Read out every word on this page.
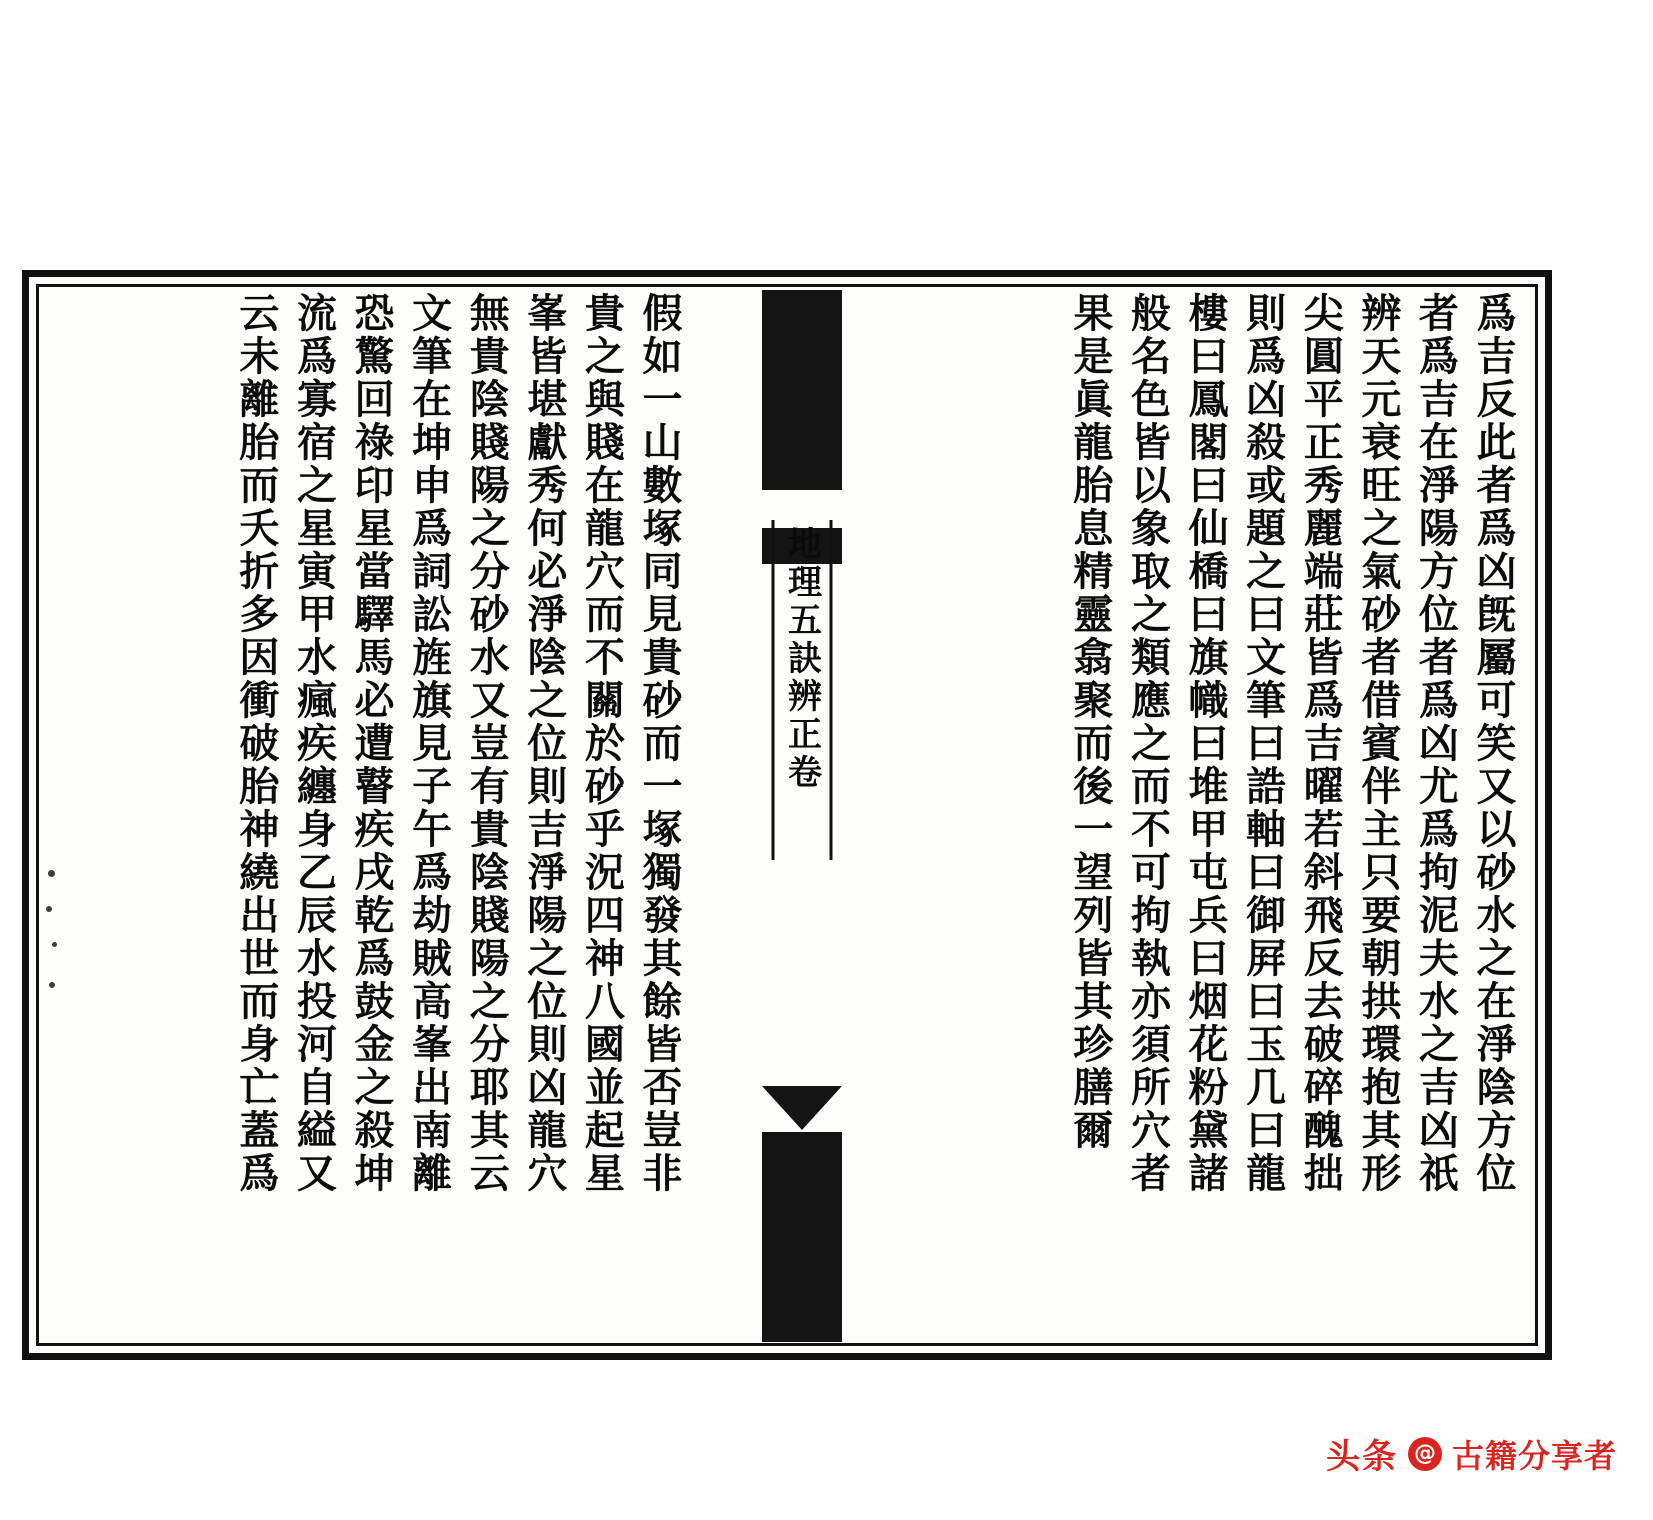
爲吉反此者爲凶旣屬可笑又以砂水之在淨陰方位
者爲吉在淨陽方位者爲凶尤爲拘泥夫水之吉凶祇
辨天元衰旺之氣砂者借賓伴主只要朝拱環抱其形
尖圓平正秀麗端莊皆爲吉曜若斜飛反去破碎醜拙
則爲凶殺或題之曰文筆曰誥軸曰御屛曰玉几曰龍
樓曰鳳閣曰仙橋曰旗幟曰堆甲屯兵曰烟花粉黛諸
般名色皆以象取之類應之而不可拘執亦須所穴者
果是眞龍胎息精靈翕聚而後一望列皆其珍膳爾
地理五訣辨正卷
假如一山數塚同見貴砂而一塚獨發其餘皆否豈非
貴之與賤在龍穴而不關於砂乎況四神八國並起星
峯皆堪獻秀何必淨陰之位則吉淨陽之位則凶龍穴
無貴陰賤陽之分砂水又豈有貴陰賤陽之分耶其云
文筆在坤申爲詞訟旌旗見子午爲劫賊高峯出南離
恐驚回祿印星當驛馬必遭瞽疾戌乾爲鼓金之殺坤
流爲寡宿之星寅甲水瘋疾纏身乙辰水投河自縊又
云未離胎而夭折多因衝破胎神繞出世而身亡蓋爲
头条 @ 古籍分享者
